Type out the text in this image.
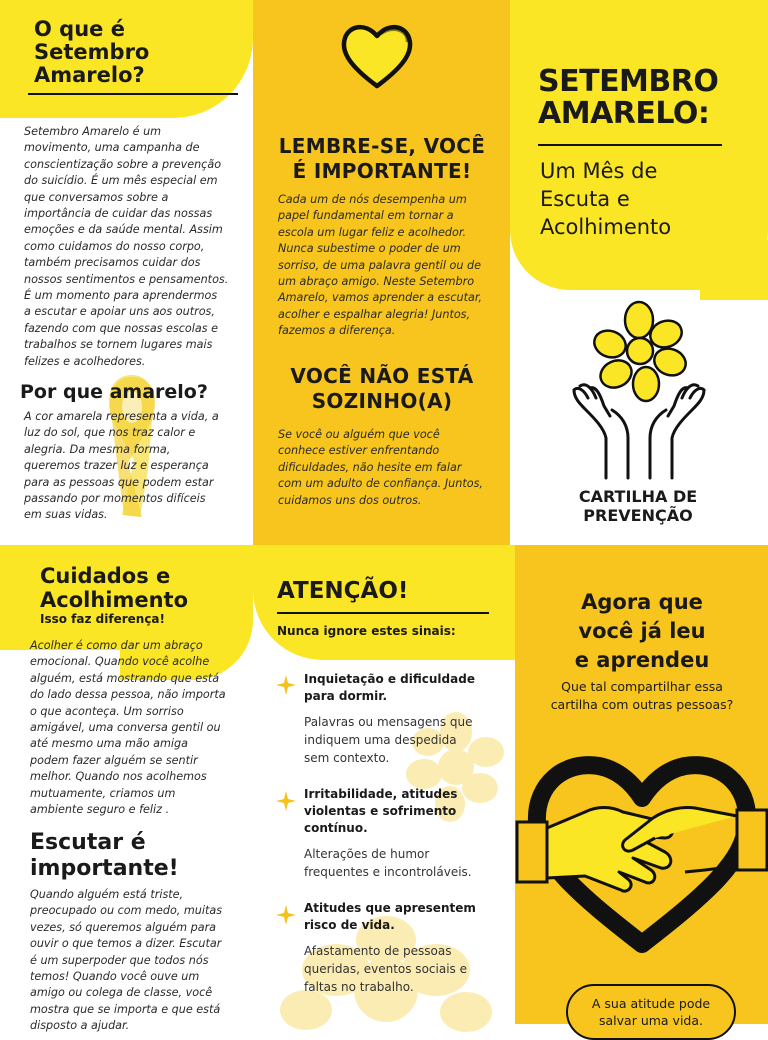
O que é
Setembro
Amarelo?
Setembro Amarelo é um
movimento, uma campanha de
conscientização sobre a prevenção
do suicídio. É um mês especial em
que conversamos sobre a
importância de cuidar das nossas
emoções e da saúde mental. Assim
como cuidamos do nosso corpo,
também precisamos cuidar dos
nossos sentimentos e pensamentos.
É um momento para aprendermos
a escutar e apoiar uns aos outros,
fazendo com que nossas escolas e
trabalhos se tornem lugares mais
felizes e acolhedores.
Por que amarelo?
A cor amarela representa a vida, a
luz do sol, que nos traz calor e
alegria. Da mesma forma,
queremos trazer luz e esperança
para as pessoas que podem estar
passando por momentos difíceis
em suas vidas.
LEMBRE-SE, VOCÊ
É IMPORTANTE!
Cada um de nós desempenha um
papel fundamental em tornar a
escola um lugar feliz e acolhedor.
Nunca subestime o poder de um
sorriso, de uma palavra gentil ou de
um abraço amigo. Neste Setembro
Amarelo, vamos aprender a escutar,
acolher e espalhar alegria! Juntos,
fazemos a diferença.
VOCÊ NÃO ESTÁ
SOZINHO(A)
Se você ou alguém que você
conhece estiver enfrentando
dificuldades, não hesite em falar
com um adulto de confiança. Juntos,
cuidamos uns dos outros.
SETEMBRO
AMARELO:
Um Mês de
Escuta e
Acolhimento
CARTILHA DE
PREVENÇÃO
Cuidados e
Acolhimento
Isso faz diferença!
Acolher é como dar um abraço
emocional. Quando você acolhe
alguém, está mostrando que está
do lado dessa pessoa, não importa
o que aconteça. Um sorriso
amigável, uma conversa gentil ou
até mesmo uma mão amiga
podem fazer alguém se sentir
melhor. Quando nos acolhemos
mutuamente, criamos um
ambiente seguro e feliz .
Escutar é
importante!
Quando alguém está triste,
preocupado ou com medo, muitas
vezes, só queremos alguém para
ouvir o que temos a dizer. Escutar
é um superpoder que todos nós
temos! Quando você ouve um
amigo ou colega de classe, você
mostra que se importa e que está
disposto a ajudar.
ATENÇÃO!
Nunca ignore estes sinais:
Inquietação e dificuldade
para dormir.
Palavras ou mensagens que
indiquem uma despedida
sem contexto.
Irritabilidade, atitudes
violentas e sofrimento
contínuo.
Alterações de humor
frequentes e incontroláveis.
Atitudes que apresentem
risco de vida.
Afastamento de pessoas
queridas, eventos sociais e
faltas no trabalho.
Agora que
você já leu
e aprendeu
Que tal compartilhar essa
cartilha com outras pessoas?
A sua atitude pode
salvar uma vida.
